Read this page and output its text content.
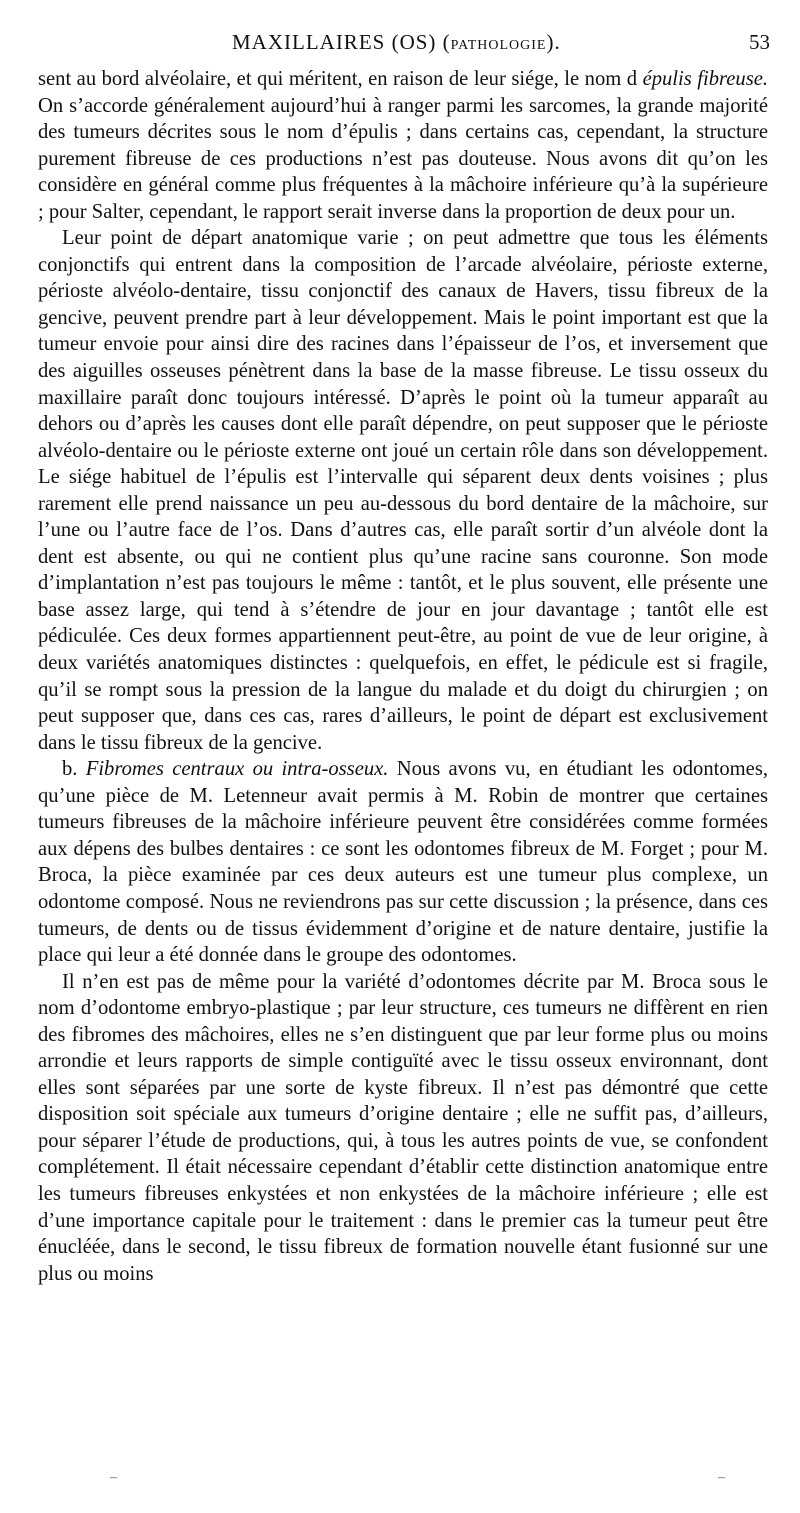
MAXILLAIRES (OS) (PATHOLOGIE).	53

sent au bord alvéolaire, et qui méritent, en raison de leur siége, le nom d épulis fibreuse. On s’accorde généralement aujourd’hui à ranger parmi les sarcomes, la grande majorité des tumeurs décrites sous le nom d’épulis ; dans certains cas, cependant, la structure purement fibreuse de ces productions n’est pas douteuse. Nous avons dit qu’on les considère en général comme plus fréquentes à la mâchoire inférieure qu’à la supérieure ; pour Salter, cependant, le rapport serait inverse dans la proportion de deux pour un.

Leur point de départ anatomique varie ; on peut admettre que tous les éléments conjonctifs qui entrent dans la composition de l’arcade alvéolaire, périoste externe, périoste alvéolo-dentaire, tissu conjonctif des canaux de Havers, tissu fibreux de la gencive, peuvent prendre part à leur développement. Mais le point important est que la tumeur envoie pour ainsi dire des racines dans l’épaisseur de l’os, et inversement que des aiguilles osseuses pénètrent dans la base de la masse fibreuse. Le tissu osseux du maxillaire paraît donc toujours intéressé. D’après le point où la tumeur apparaît au dehors ou d’après les causes dont elle paraît dépendre, on peut supposer que le périoste alvéolo-dentaire ou le périoste externe ont joué un certain rôle dans son développement. Le siége habituel de l’épulis est l’intervalle qui séparent deux dents voisines ; plus rarement elle prend naissance un peu au-dessous du bord dentaire de la mâchoire, sur l’une ou l’autre face de l’os. Dans d’autres cas, elle paraît sortir d’un alvéole dont la dent est absente, ou qui ne contient plus qu’une racine sans couronne. Son mode d’implantation n’est pas toujours le même : tantôt, et le plus souvent, elle présente une base assez large, qui tend à s’étendre de jour en jour davantage ; tantôt elle est pédiculée. Ces deux formes appartiennent peut-être, au point de vue de leur origine, à deux variétés anatomiques distinctes : quelquefois, en effet, le pédicule est si fragile, qu’il se rompt sous la pression de la langue du malade et du doigt du chirurgien ; on peut supposer que, dans ces cas, rares d’ailleurs, le point de départ est exclusivement dans le tissu fibreux de la gencive.

b. Fibromes centraux ou intra-osseux. Nous avons vu, en étudiant les odontomes, qu’une pièce de M. Letenneur avait permis à M. Robin de montrer que certaines tumeurs fibreuses de la mâchoire inférieure peuvent être considérées comme formées aux dépens des bulbes dentaires : ce sont les odontomes fibreux de M. Forget ; pour M. Broca, la pièce examinée par ces deux auteurs est une tumeur plus complexe, un odontome composé. Nous ne reviendrons pas sur cette discussion ; la présence, dans ces tumeurs, de dents ou de tissus évidemment d’origine et de nature dentaire, justifie la place qui leur a été donnée dans le groupe des odontomes.

Il n’en est pas de même pour la variété d’odontomes décrite par M. Broca sous le nom d’odontome embryo-plastique ; par leur structure, ces tumeurs ne diffèrent en rien des fibromes des mâchoires, elles ne s’en distinguent que par leur forme plus ou moins arrondie et leurs rapports de simple contiguïté avec le tissu osseux environnant, dont elles sont séparées par une sorte de kyste fibreux. Il n’est pas démontré que cette disposition soit spéciale aux tumeurs d’origine dentaire ; elle ne suffit pas, d’ailleurs, pour séparer l’étude de productions, qui, à tous les autres points de vue, se confondent complétement. Il était nécessaire cependant d’établir cette distinction anatomique entre les tumeurs fibreuses enkystées et non enkystées de la mâchoire inférieure ; elle est d’une importance capitale pour le traitement : dans le premier cas la tumeur peut être énucléée, dans le second, le tissu fibreux de formation nouvelle étant fusionné sur une plus ou moins

–	–
